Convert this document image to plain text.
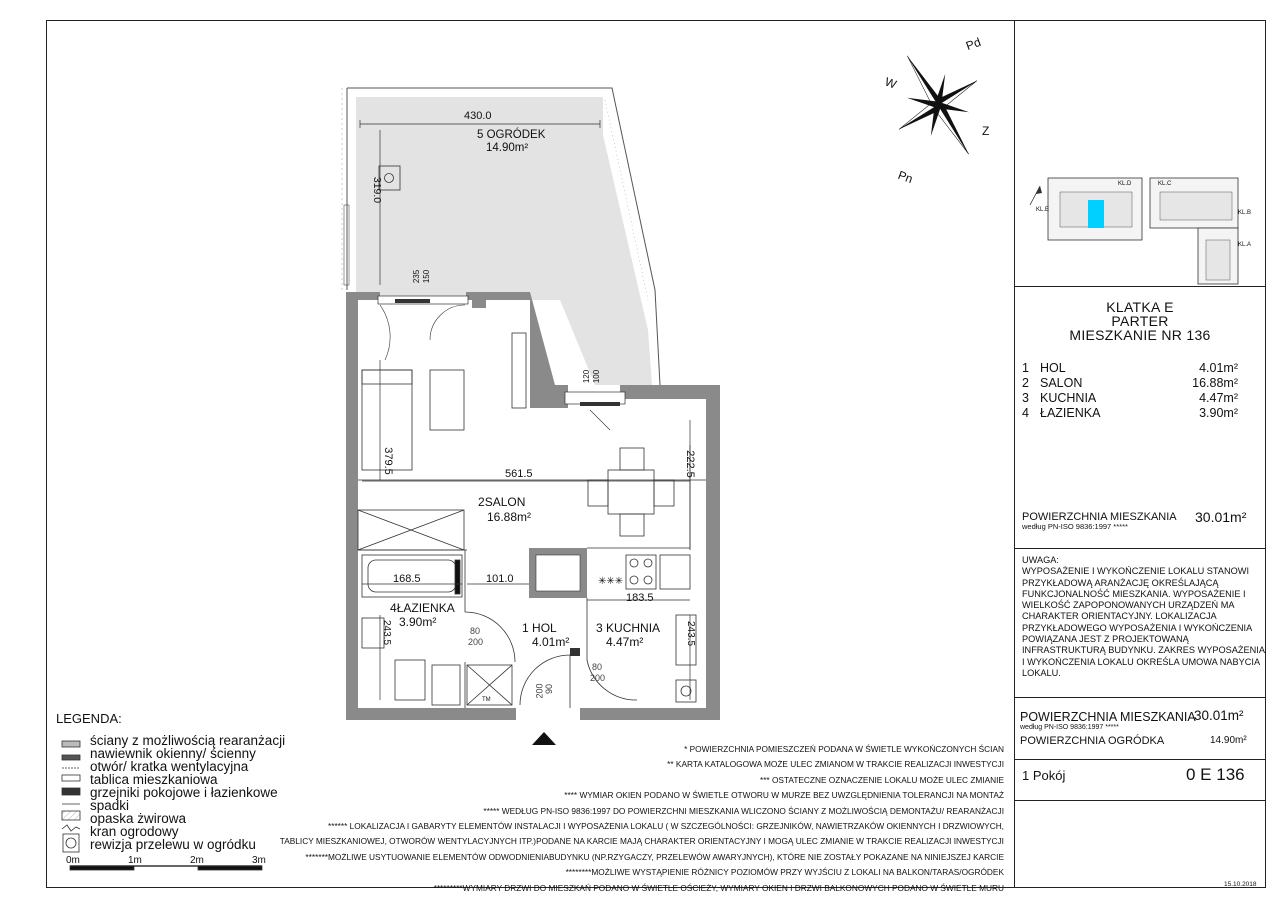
Pd
W
Z
Pn	KL.D	KL.C
KL.E	KL.B
KL.A
KLATKA E
PARTER
MIESZKANIE NR 136
1 HOL	4.01m²
2 SALON	16.88m²
3 KUCHNIA	4.47m²
4 ŁAZIENKA	3.90m²
POWIERZCHNIA MIESZKANIA
według PN-ISO 9836:1997 *****
30.01m²
UWAGA:
WYPOSAŻENIE I WYKOŃCZENIE LOKALU STANOWI
PRZYKŁADOWĄ ARANŻACJĘ OKREŚLAJĄCĄ
FUNKCJONALNOŚĆ MIESZKANIA. WYPOSAŻENIE I
WIELKOŚĆ ZAPOPONOWANYCH URZĄDZEŃ MA
CHARAKTER ORIENTACYJNY. LOKALIZACJA
PRZYKŁADOWEGO WYPOSAŻENIA I WYKOŃCZENIA
POWIĄZANA JEST Z PROJEKTOWANĄ
INFRASTRUKTURĄ BUDYNKU. ZAKRES WYPOSAŻENIA
I WYKOŃCZENIA LOKALU OKREŚLA UMOWA NABYCIA
LOKALU.
POWIERZCHNIA MIESZKANIA
30.01m²
według PN-ISO 9836:1997 *****
POWIERZCHNIA OGRÓDKA	14.90m²
1 Pokój	0 E 136
15.10.2018
430.0
5 OGRÓDEK
14.90m²
319.0
150
235
100
120
379.5	561.5	222.5
2SALON
16.88m²
168.5	101.0	✳✳✳
183.5
4ŁAZIENKA
3.90m²
243.5	80
200
1 HOL
4.01m²
3 KUCHNIA
4.47m²	243.5
80
200
90
200
TM
LEGENDA:
ściany z możliwością rearanżacji
nawiewnik okienny/ ścienny
otwór/ kratka wentylacyjna
tablica mieszkaniowa
grzejniki pokojowe i łazienkowe
spadki
opaska żwirowa
kran ogrodowy
rewizja przelewu w ogródku
0m	1m	2m	3m
* POWIERZCHNIA POMIESZCZEŃ PODANA W ŚWIETLE WYKOŃCZONYCH ŚCIAN
** KARTA KATALOGOWA MOŻE ULEC ZMIANOM W TRAKCIE REALIZACJI INWESTYCJI
*** OSTATECZNE OZNACZENIE LOKALU MOŻE ULEC ZMIANIE
**** WYMIAR OKIEN PODANO W ŚWIETLE OTWORU W MURZE BEZ UWZGLĘDNIENIA TOLERANCJI NA MONTAŻ
***** WEDŁUG PN-ISO 9836:1997 DO POWIERZCHNI MIESZKANIA WLICZONO ŚCIANY Z MOŻLIWOŚCIĄ DEMONTAŻU/ REARANŻACJI
****** LOKALIZACJA I GABARYTY ELEMENTÓW INSTALACJI I WYPOSAŻENIA LOKALU ( W SZCZEGÓLNOŚCI: GRZEJNIKÓW, NAWIETRZAKÓW OKIENNYCH I DRZWIOWYCH,
TABLICY MIESZKANIOWEJ, OTWORÓW WENTYLACYJNYCH ITP.)PODANE NA KARCIE MAJĄ CHARAKTER ORIENTACYJNY I MOGĄ ULEC ZMIANIE W TRAKCIE REALIZACJI INWESTYCJI
*******MOŻLIWE USYTUOWANIE ELEMENTÓW ODWODNIENIABUDYNKU (NP.RZYGACZY, PRZELEWÓW AWARYJNYCH), KTÓRE NIE ZOSTAŁY POKAZANE NA NINIEJSZEJ KARCIE
********MOŻLIWE WYSTĄPIENIE RÓŻNICY POZIOMÓW PRZY WYJŚCIU Z LOKALI NA BALKON/TARAS/OGRÓDEK
*********WYMIARY DRZWI DO MIESZKAŃ PODANO W ŚWIETLE OŚCIEŻY, WYMIARY OKIEN I DRZWI BALKONOWYCH PODANO W ŚWIETLE MURU
